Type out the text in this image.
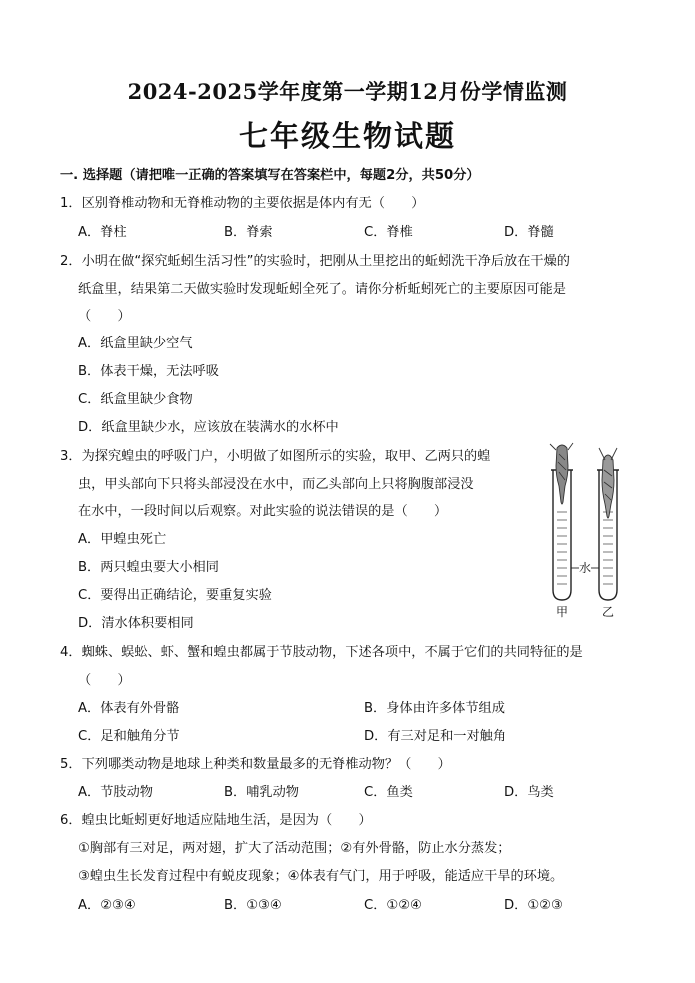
2024-2025学年度第一学期12月份学情监测
七年级生物试题
一. 选择题（请把唯一正确的答案填写在答案栏中，每题2分，共50分）
1．区别脊椎动物和无脊椎动物的主要依据是体内有无（　　）
A．脊柱	B．脊索	C．脊椎	D．脊髓
2．小明在做“探究蚯蚓生活习性”的实验时，把刚从土里挖出的蚯蚓洗干净后放在干燥的
纸盒里，结果第二天做实验时发现蚯蚓全死了。请你分析蚯蚓死亡的主要原因可能是
（　　）
A．纸盒里缺少空气
B．体表干燥，无法呼吸
C．纸盒里缺少食物
D．纸盒里缺少水，应该放在装满水的水杯中
3．为探究蝗虫的呼吸门户，小明做了如图所示的实验，取甲、乙两只的蝗
虫，甲头部向下只将头部浸没在水中，而乙头部向上只将胸腹部浸没
在水中，一段时间以后观察。对此实验的说法错误的是（　　）
A．甲蝗虫死亡
B．两只蝗虫要大小相同
C．要得出正确结论，要重复实验
D．清水体积要相同
水
甲	乙
4．蜘蛛、蜈蚣、虾、蟹和蝗虫都属于节肢动物，下述各项中，不属于它们的共同特征的是
（　　）
A．体表有外骨骼	B．身体由许多体节组成
C．足和触角分节	D．有三对足和一对触角
5．下列哪类动物是地球上种类和数量最多的无脊椎动物？（　　）
A．节肢动物	B．哺乳动物	C．鱼类	D．鸟类
6．蝗虫比蚯蚓更好地适应陆地生活，是因为（　　）
①胸部有三对足，两对翅，扩大了活动范围；②有外骨骼，防止水分蒸发；
③蝗虫生长发育过程中有蜕皮现象；④体表有气门，用于呼吸，能适应干旱的环境。
A．②③④	B．①③④	C．①②④	D．①②③
